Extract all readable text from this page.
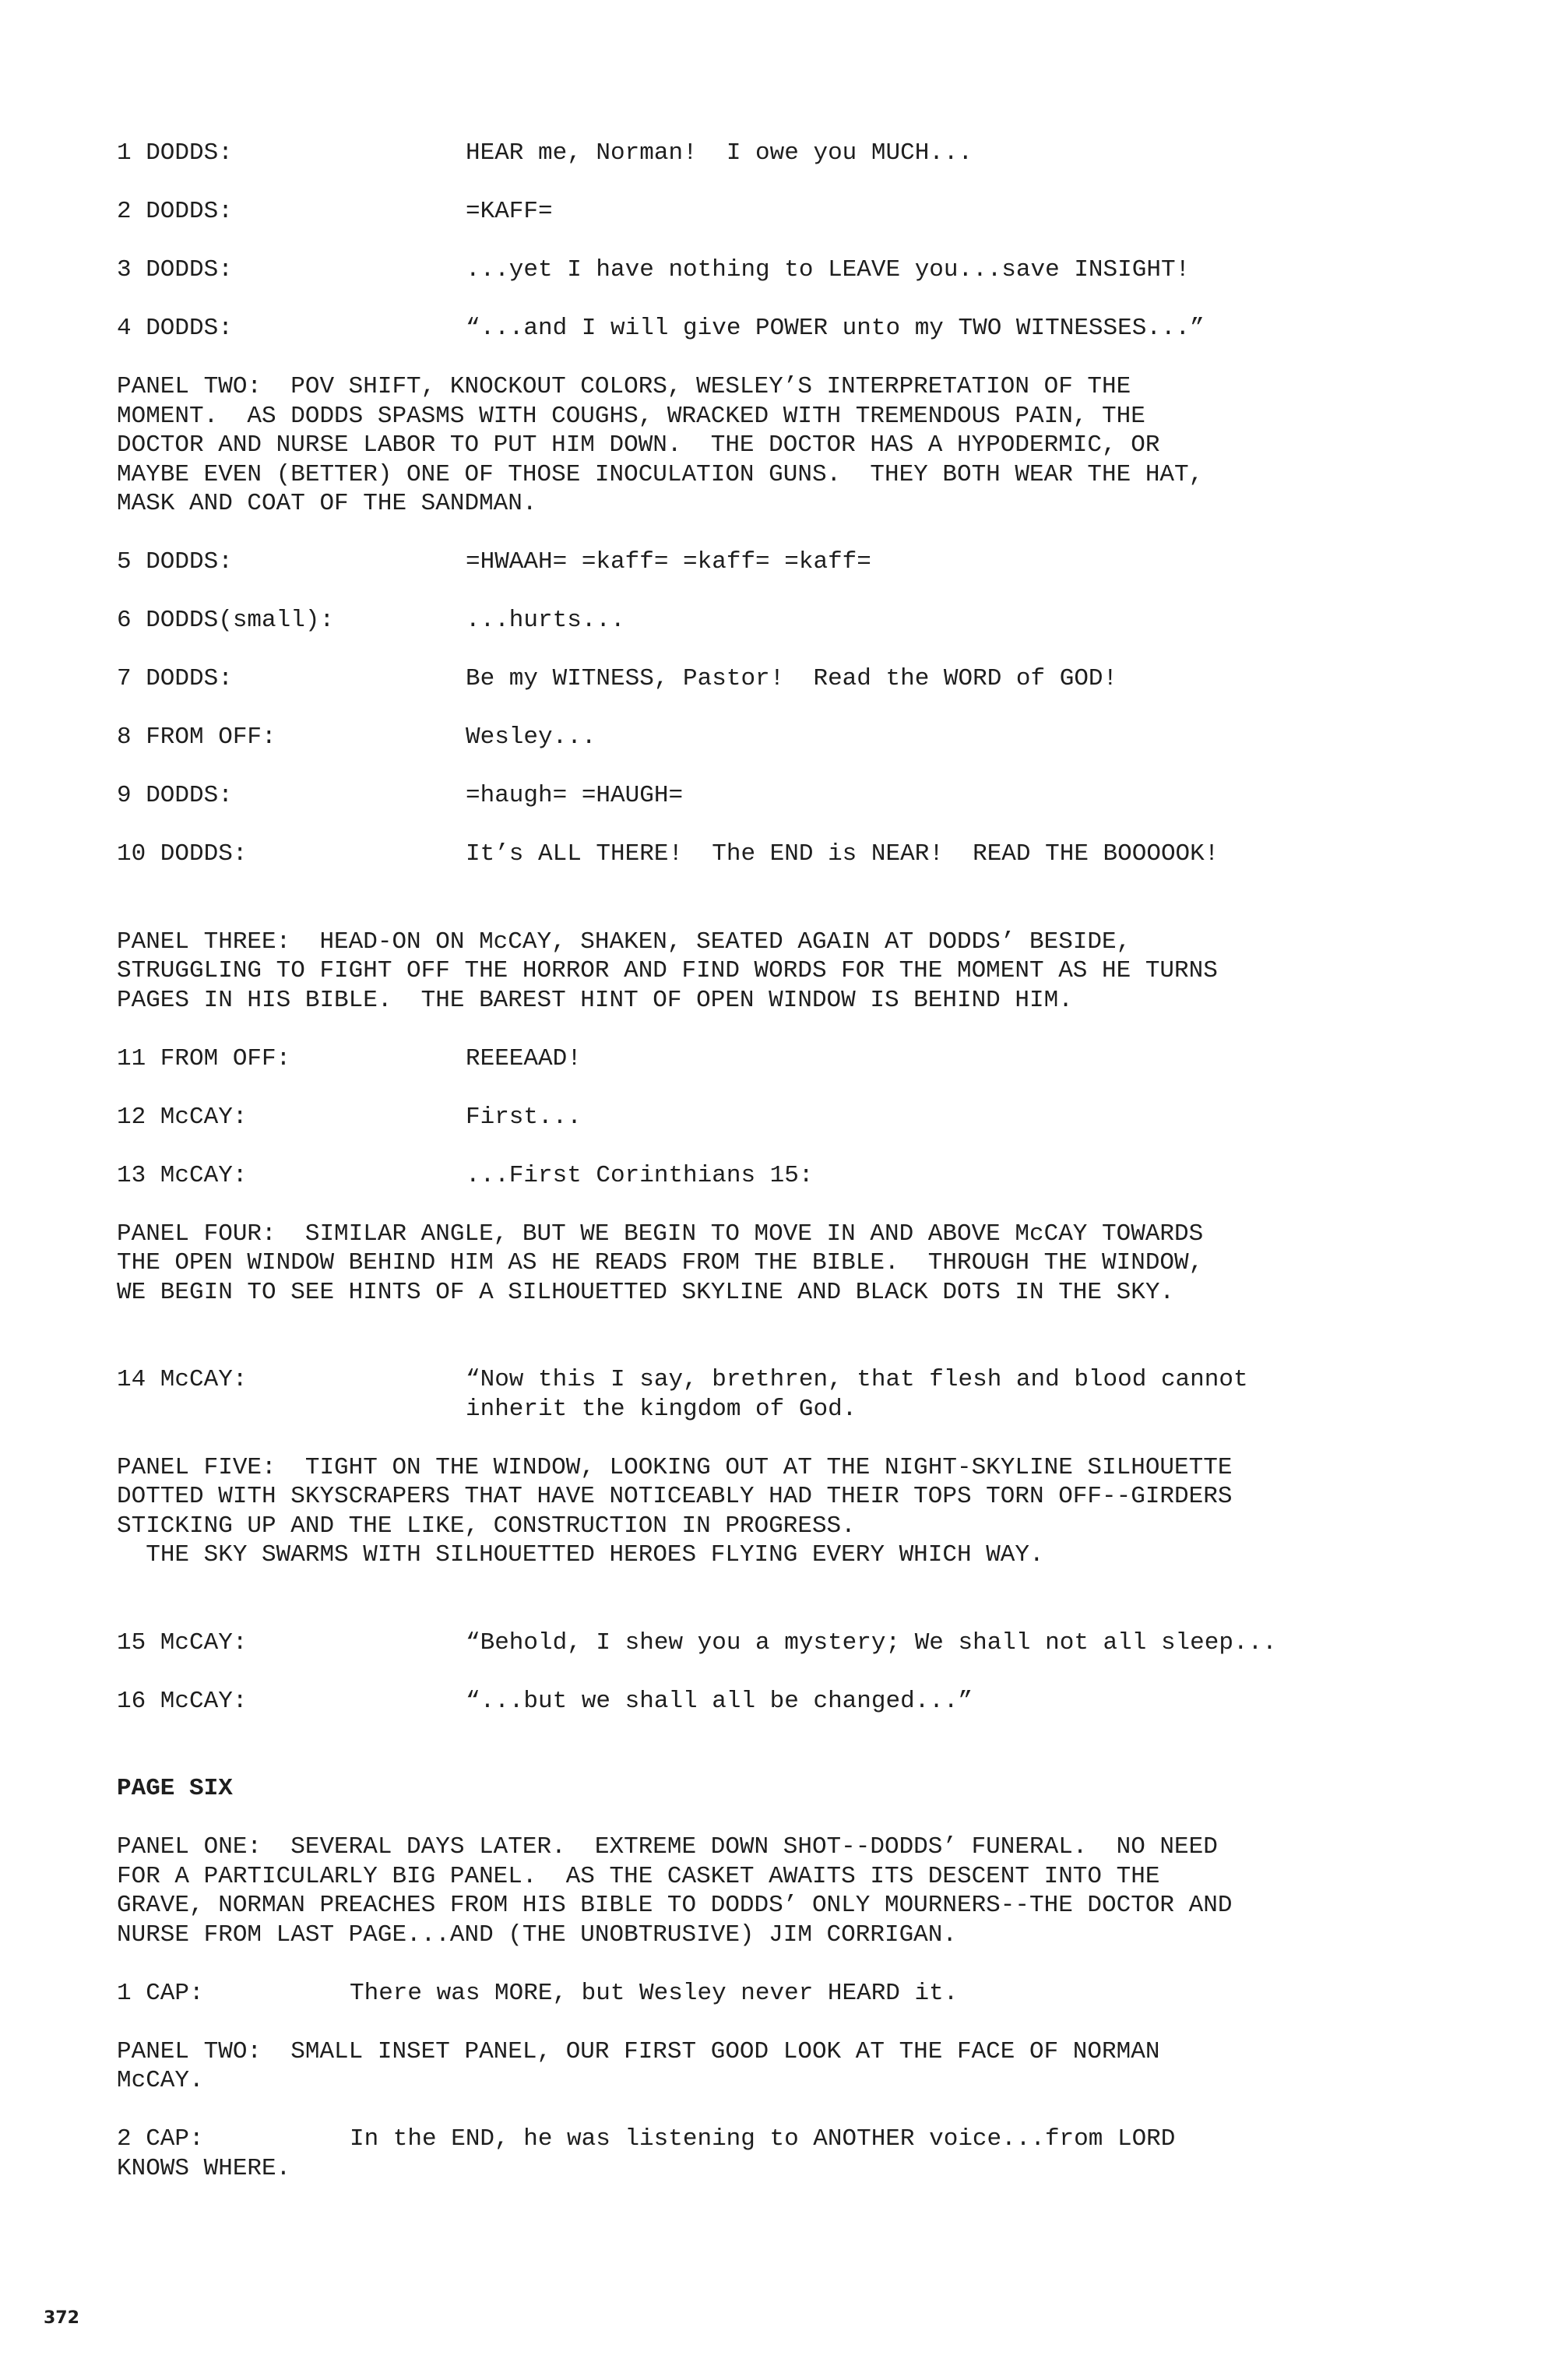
1 DODDS:	HEAR me, Norman!  I owe you MUCH...
2 DODDS:	=KAFF=
3 DODDS:	...yet I have nothing to LEAVE you...save INSIGHT!
4 DODDS:	“...and I will give POWER unto my TWO WITNESSES...”
PANEL TWO:  POV SHIFT, KNOCKOUT COLORS, WESLEY’S INTERPRETATION OF THE
MOMENT.  AS DODDS SPASMS WITH COUGHS, WRACKED WITH TREMENDOUS PAIN, THE
DOCTOR AND NURSE LABOR TO PUT HIM DOWN.  THE DOCTOR HAS A HYPODERMIC, OR
MAYBE EVEN (BETTER) ONE OF THOSE INOCULATION GUNS.  THEY BOTH WEAR THE HAT,
MASK AND COAT OF THE SANDMAN.
5 DODDS:	=HWAAH= =kaff= =kaff= =kaff=
6 DODDS(small):	...hurts...
7 DODDS:	Be my WITNESS, Pastor!  Read the WORD of GOD!
8 FROM OFF:	Wesley...
9 DODDS:	=haugh= =HAUGH=
10 DODDS:	It’s ALL THERE!  The END is NEAR!  READ THE BOOOOOK!
PANEL THREE:  HEAD-ON ON McCAY, SHAKEN, SEATED AGAIN AT DODDS’ BESIDE,
STRUGGLING TO FIGHT OFF THE HORROR AND FIND WORDS FOR THE MOMENT AS HE TURNS
PAGES IN HIS BIBLE.  THE BAREST HINT OF OPEN WINDOW IS BEHIND HIM.
11 FROM OFF:	REEEAAD!
12 McCAY:	First...
13 McCAY:	...First Corinthians 15:
PANEL FOUR:  SIMILAR ANGLE, BUT WE BEGIN TO MOVE IN AND ABOVE McCAY TOWARDS
THE OPEN WINDOW BEHIND HIM AS HE READS FROM THE BIBLE.  THROUGH THE WINDOW,
WE BEGIN TO SEE HINTS OF A SILHOUETTED SKYLINE AND BLACK DOTS IN THE SKY.
14 McCAY:	“Now this I say, brethren, that flesh and blood cannot
inherit the kingdom of God.
PANEL FIVE:  TIGHT ON THE WINDOW, LOOKING OUT AT THE NIGHT-SKYLINE SILHOUETTE
DOTTED WITH SKYSCRAPERS THAT HAVE NOTICEABLY HAD THEIR TOPS TORN OFF--GIRDERS
STICKING UP AND THE LIKE, CONSTRUCTION IN PROGRESS.
THE SKY SWARMS WITH SILHOUETTED HEROES FLYING EVERY WHICH WAY.
15 McCAY:	“Behold, I shew you a mystery; We shall not all sleep...
16 McCAY:	“...but we shall all be changed...”
PAGE SIX
PANEL ONE:  SEVERAL DAYS LATER.  EXTREME DOWN SHOT--DODDS’ FUNERAL.  NO NEED
FOR A PARTICULARLY BIG PANEL.  AS THE CASKET AWAITS ITS DESCENT INTO THE
GRAVE, NORMAN PREACHES FROM HIS BIBLE TO DODDS’ ONLY MOURNERS--THE DOCTOR AND
NURSE FROM LAST PAGE...AND (THE UNOBTRUSIVE) JIM CORRIGAN.
1 CAP:	There was MORE, but Wesley never HEARD it.
PANEL TWO:  SMALL INSET PANEL, OUR FIRST GOOD LOOK AT THE FACE OF NORMAN
McCAY.
2 CAP:	In the END, he was listening to ANOTHER voice...from LORD
KNOWS WHERE.
372
